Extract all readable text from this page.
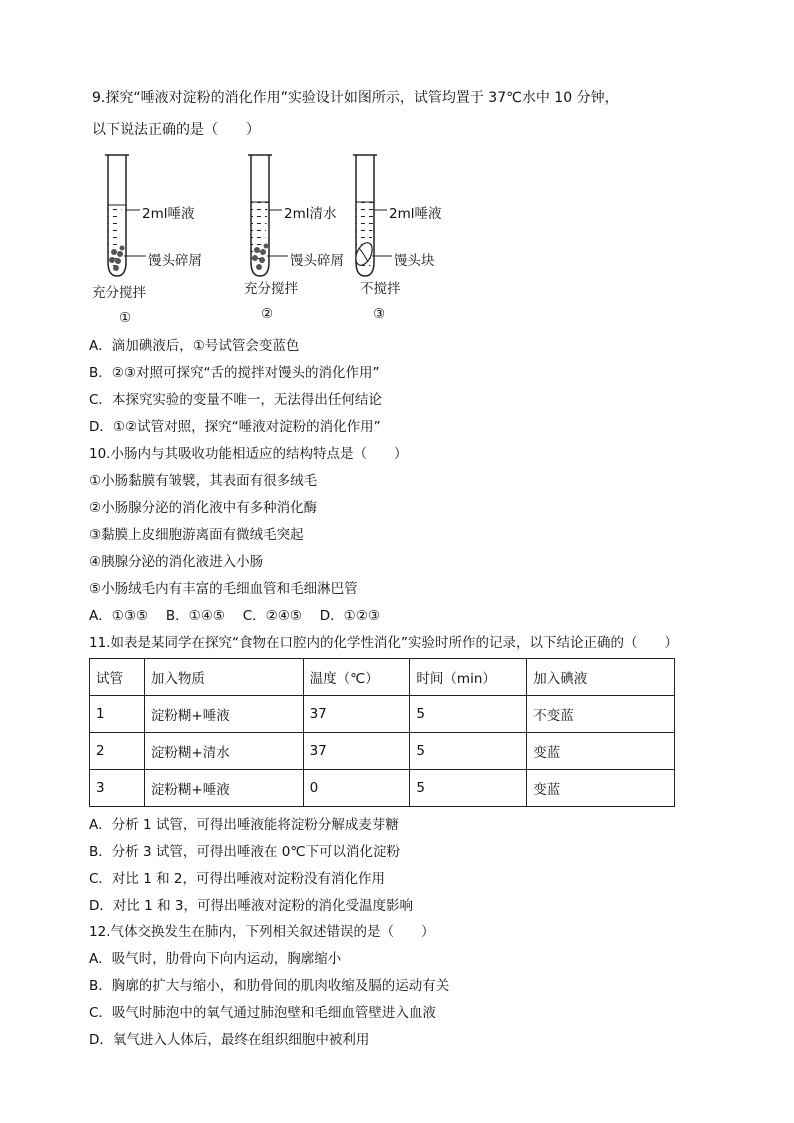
9.探究“唾液对淀粉的消化作用”实验设计如图所示，试管均置于 37℃水中 10 分钟，
以下说法正确的是（　　）
2ml唾液
馒头碎屑
充分搅拌
①
2ml清水
馒头碎屑
充分搅拌
②
2ml唾液
馒头块
不搅拌
③
A．滴加碘液后，①号试管会变蓝色
B．②③对照可探究“舌的搅拌对馒头的消化作用”
C．本探究实验的变量不唯一，无法得出任何结论
D．①②试管对照，探究“唾液对淀粉的消化作用”
10.小肠内与其吸收功能相适应的结构特点是（　　）
①小肠黏膜有皱襞，其表面有很多绒毛
②小肠腺分泌的消化液中有多种消化酶
③黏膜上皮细胞游离面有微绒毛突起
④胰腺分泌的消化液进入小肠
⑤小肠绒毛内有丰富的毛细血管和毛细淋巴管
A．①③⑤　 B．①④⑤　 C．②④⑤　 D．①②③
11.如表是某同学在探究“食物在口腔内的化学性消化”实验时所作的记录，以下结论正确的（　　）
试管	加入物质	温度（℃）	时间（min）	加入碘液
1	淀粉糊+唾液	37	5	不变蓝
2	淀粉糊+清水	37	5	变蓝
3	淀粉糊+唾液	0	5	变蓝
A．分析 1 试管，可得出唾液能将淀粉分解成麦芽糖
B．分析 3 试管，可得出唾液在 0℃下可以消化淀粉
C．对比 1 和 2，可得出唾液对淀粉没有消化作用
D．对比 1 和 3，可得出唾液对淀粉的消化受温度影响
12.气体交换发生在肺内，下列相关叙述错误的是（　　）
A．吸气时，肋骨向下向内运动，胸廓缩小
B．胸廓的扩大与缩小，和肋骨间的肌肉收缩及膈的运动有关
C．吸气时肺泡中的氧气通过肺泡壁和毛细血管壁进入血液
D．氧气进入人体后，最终在组织细胞中被利用
